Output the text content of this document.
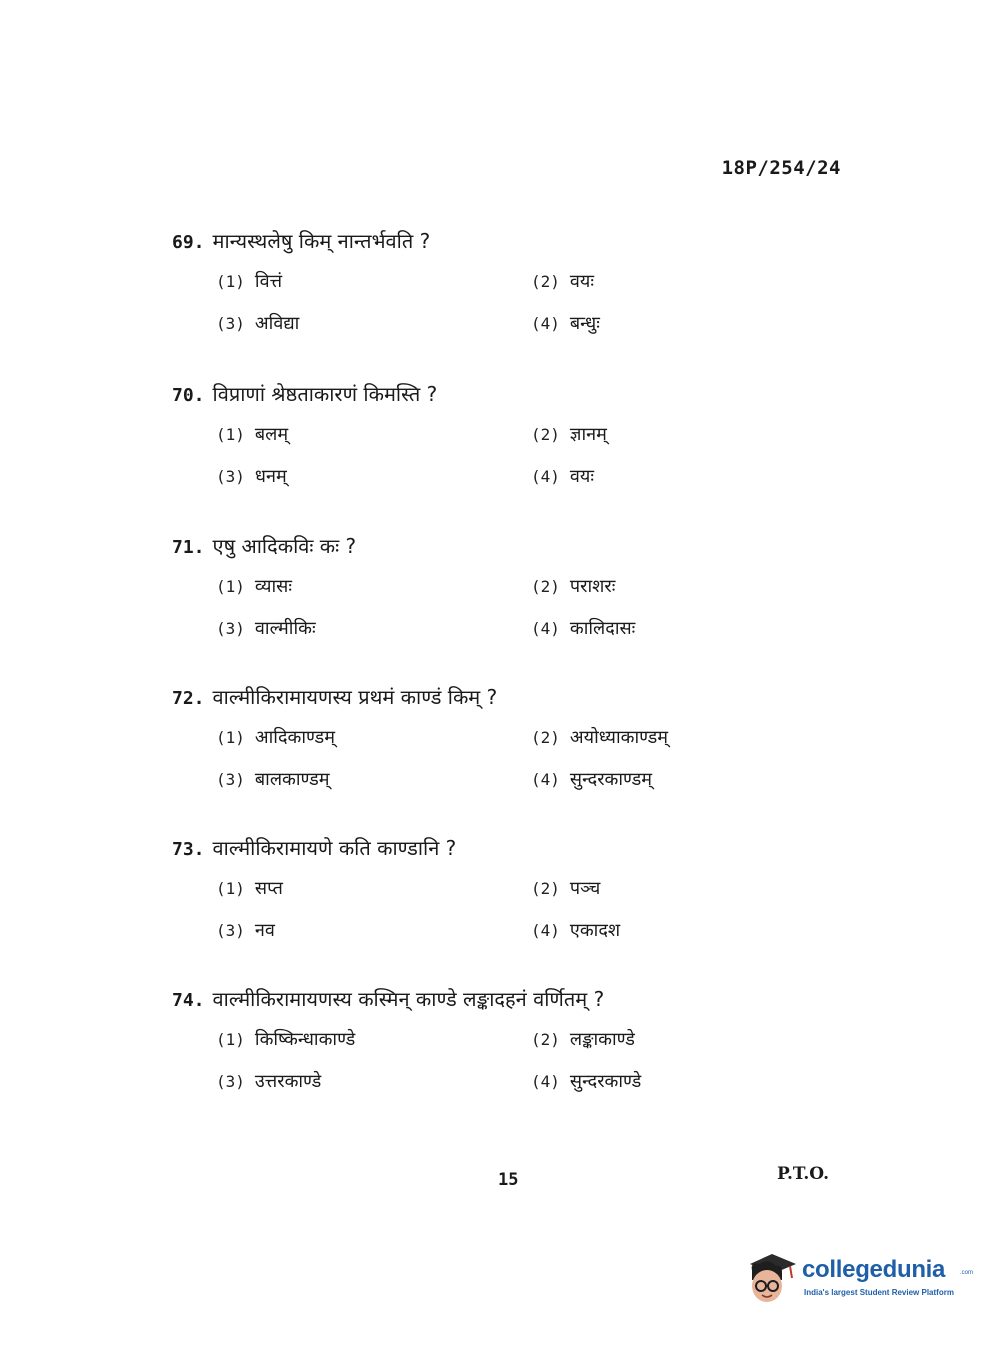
18P/254/24
69. मान्यस्थलेषु किम् नान्तर्भवति ?
(1) वित्तं	(2) वयः
(3) अविद्या	(4) बन्धुः
70. विप्राणां श्रेष्ठताकारणं किमस्ति ?
(1) बलम्	(2) ज्ञानम्
(3) धनम्	(4) वयः
71. एषु आदिकविः कः ?
(1) व्यासः	(2) पराशरः
(3) वाल्मीकिः	(4) कालिदासः
72. वाल्मीकिरामायणस्य प्रथमं काण्डं किम् ?
(1) आदिकाण्डम्	(2) अयोध्याकाण्डम्
(3) बालकाण्डम्	(4) सुन्दरकाण्डम्
73. वाल्मीकिरामायणे कति काण्डानि ?
(1) सप्त	(2) पञ्च
(3) नव	(4) एकादश
74. वाल्मीकिरामायणस्य कस्मिन् काण्डे लङ्कादहनं वर्णितम् ?
(1) किष्किन्धाकाण्डे	(2) लङ्काकाण्डे
(3) उत्तरकाण्डे	(4) सुन्दरकाण्डे
15	P.T.O.
collegedunia .com
India's largest Student Review Platform
